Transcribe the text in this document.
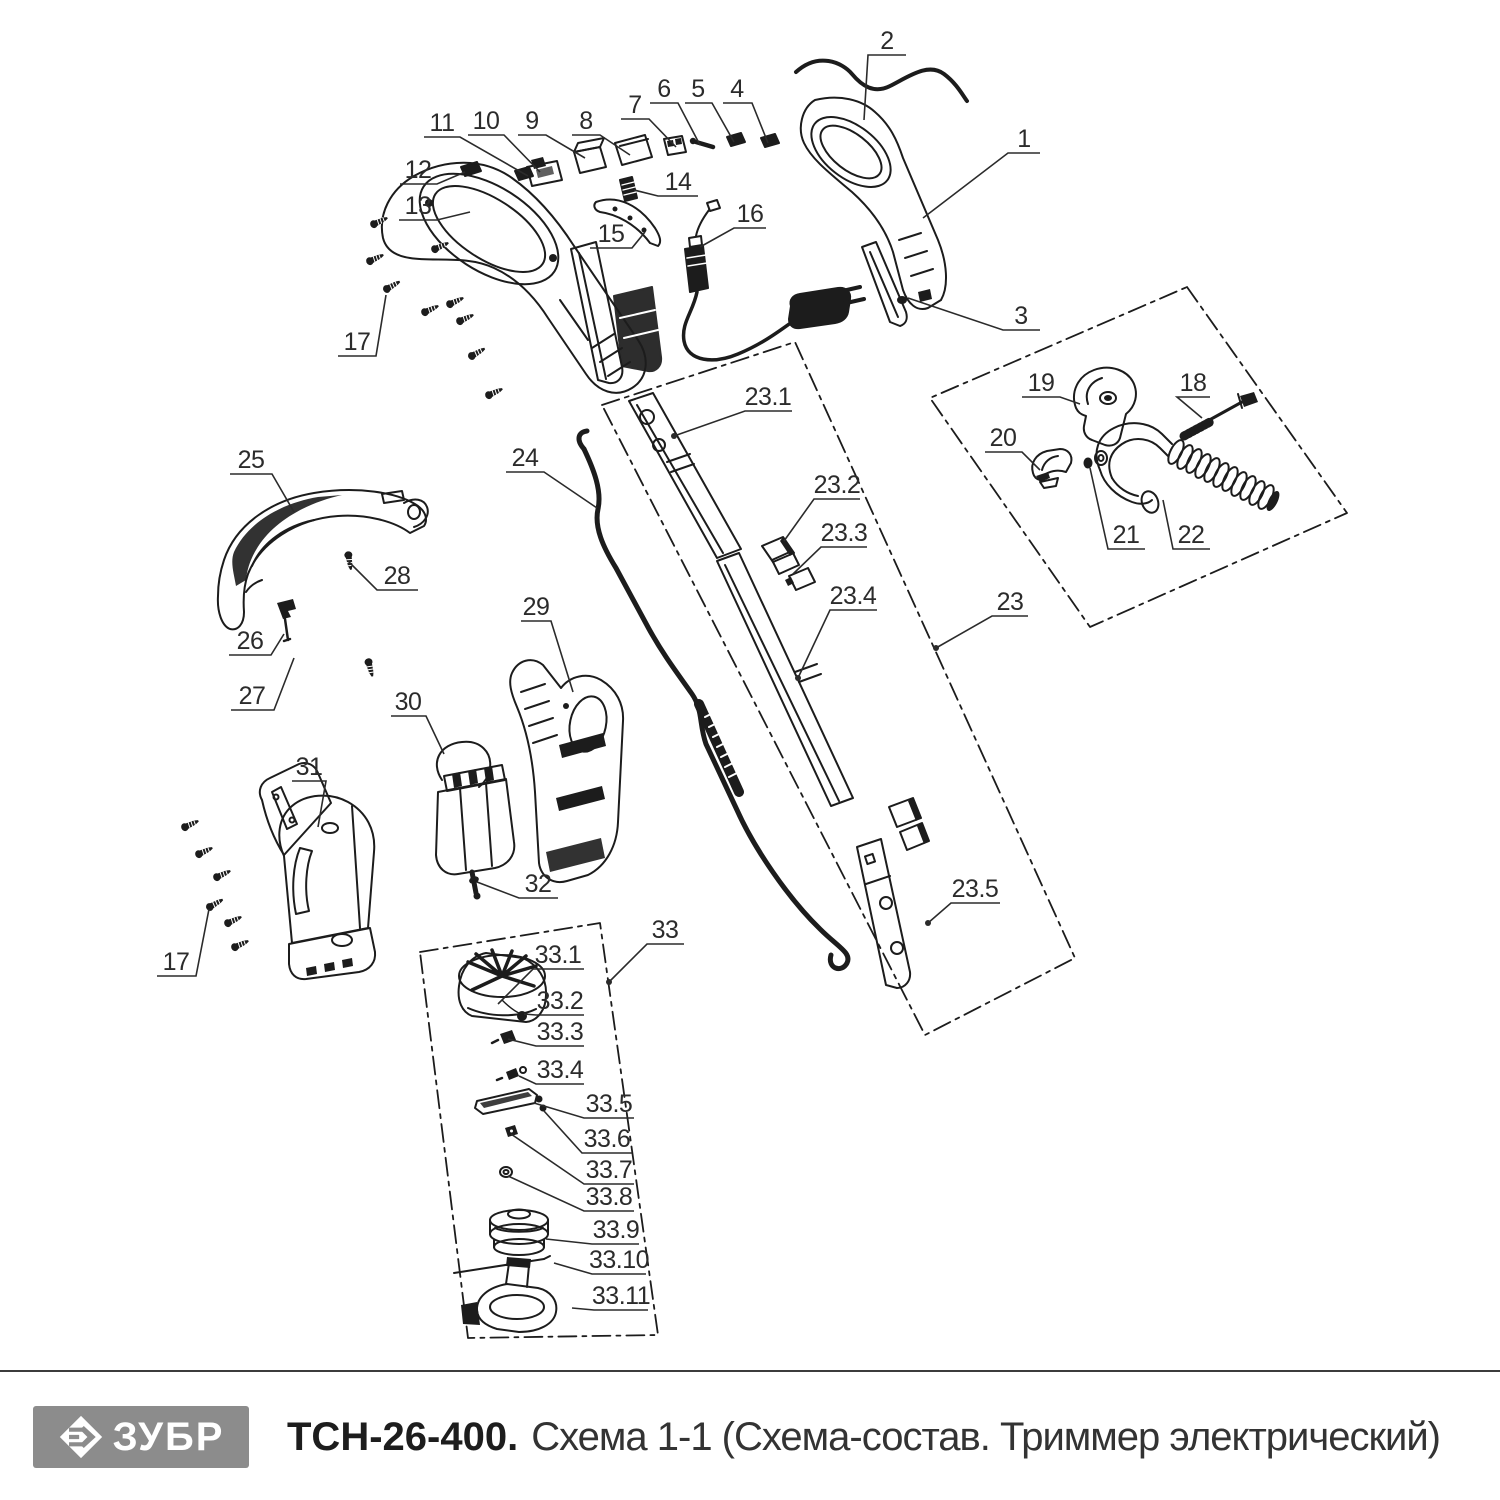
1
2
3
4
5
6
7
8
9
10
11
12
13
14
15
16
17
17
18
19
20
21 22
23
23.1
23.2
23.3
23.4
23.5
24
25
26
27
28
29
30
31
32
33
33.1
33.2
33.3
33.4
33.5
33.6
33.7
33.8
33.9
33.10
33.11
ЗУБР ТСН-26-400. Схема 1-1 (Схема-состав. Триммер электрический)
